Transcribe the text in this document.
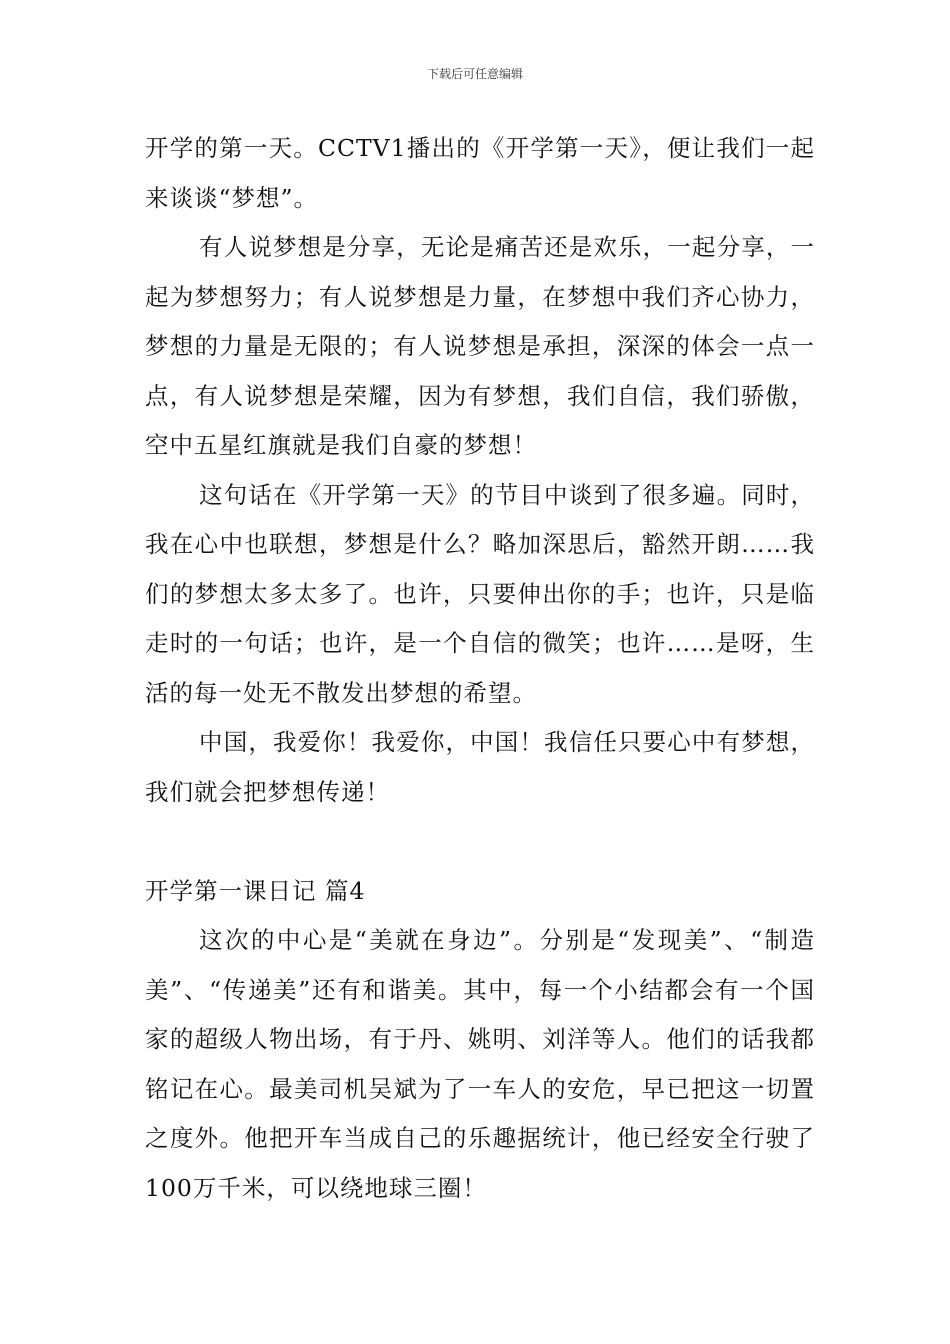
下载后可任意编辑

开学的第一天。CCTV1播出的《开学第一天》，便让我们一起来谈谈“梦想”。

有人说梦想是分享，无论是痛苦还是欢乐，一起分享，一起为梦想努力；有人说梦想是力量，在梦想中我们齐心协力，梦想的力量是无限的；有人说梦想是承担，深深的体会一点一点，有人说梦想是荣耀，因为有梦想，我们自信，我们骄傲，空中五星红旗就是我们自豪的梦想！

这句话在《开学第一天》的节目中谈到了很多遍。同时，我在心中也联想，梦想是什么？略加深思后，豁然开朗……我们的梦想太多太多了。也许，只要伸出你的手；也许，只是临走时的一句话；也许，是一个自信的微笑；也许……是呀，生活的每一处无不散发出梦想的希望。

中国，我爱你！我爱你，中国！我信任只要心中有梦想，我们就会把梦想传递！

开学第一课日记 篇4

这次的中心是“美就在身边”。分别是“发现美”、“制造美”、“传递美”还有和谐美。其中，每一个小结都会有一个国家的超级人物出场，有于丹、姚明、刘洋等人。他们的话我都铭记在心。最美司机吴斌为了一车人的安危，早已把这一切置之度外。他把开车当成自己的乐趣据统计，他已经安全行驶了100万千米，可以绕地球三圈！
